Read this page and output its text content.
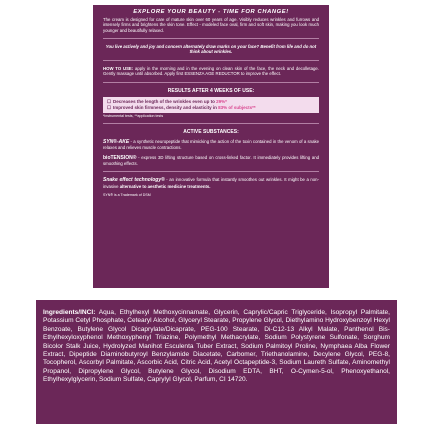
EXPLORE YOUR BEAUTY - TIME FOR CHANGE!

The cream is designed for care of mature skin over 60 years of age. Visibly reduces wrinkles and furrows and intensely firms and brightens the skin tone. Effect - modeled face oval, firm and soft skin, making you look much younger and beautifully relaxed.

You live actively and joy and concern alternately draw marks on your face? Benefit from life and do not think about wrinkles.

HOW TO USE: apply in the morning and in the evening on clean skin of the face, the neck and decolletage. Gently massage until absorbed. Apply first ESSENZA AGE REDUCTOR to improve the effect.

RESULTS AFTER 4 WEEKS OF USE:

☐ Decreases the length of the wrinkles even up to 29%*
☐ Improved skin firmness, density and elasticity in 83% of subjects**

*instrumental tests, **application tests

ACTIVE SUBSTANCES:

SYN®-AKE - a synthetic neuropeptide that mimicking the action of the toxin contained in the venom of a snake relaxes and relieves muscle contractions.

bioTENSION® - express 3D lifting structure based on cross-linked factor. It immediately provides lifting and smoothing effects.

Snake effect technology® - an innovative formula that instantly smoothes out wrinkles. It might be a non-invasive alternative to aesthetic medicine treatments.

SYN® is a Trademark of DSM

Ingredients/INCI: Aqua, Ethylhexyl Methoxycinnamate, Glycerin, Caprylic/Capric Triglyceride, Isopropyl Palmitate, Potassium Cetyl Phosphate, Cetearyl Alcohol, Glyceryl Stearate, Propylene Glycol, Diethylamino Hydroxybenzoyl Hexyl Benzoate, Butylene Glycol Dicaprylate/Dicaprate, PEG-100 Stearate, Di-C12-13 Alkyl Malate, Panthenol Bis-Ethylhexyloxyphenol Methoxyphenyl Triazine, Polymethyl Methacrylate, Sodium Polystyrene Sulfonate, Sorghum Bicolor Stalk Juice, Hydrolyzed Manihot Esculenta Tuber Extract, Sodium Palmitoyl Proline, Nymphaea Alba Flower Extract, Dipeptide Diaminobutyroyl Benzylamide Diacetate, Carbomer, Triethanolamine, Decylene Glycol, PEG-8, Tocopherol, Ascorbyl Palmitate, Ascorbic Acid, Citric Acid, Acetyl Octapeptide-3, Sodium Laureth Sulfate, Aminomethyl Propanol, Dipropylene Glycol, Butylene Glycol, Disodium EDTA, BHT, O-Cymen-5-ol, Phenoxyethanol, Ethylhexylglycerin, Sodium Sulfate, Caprylyl Glycol, Parfum, CI 14720.
